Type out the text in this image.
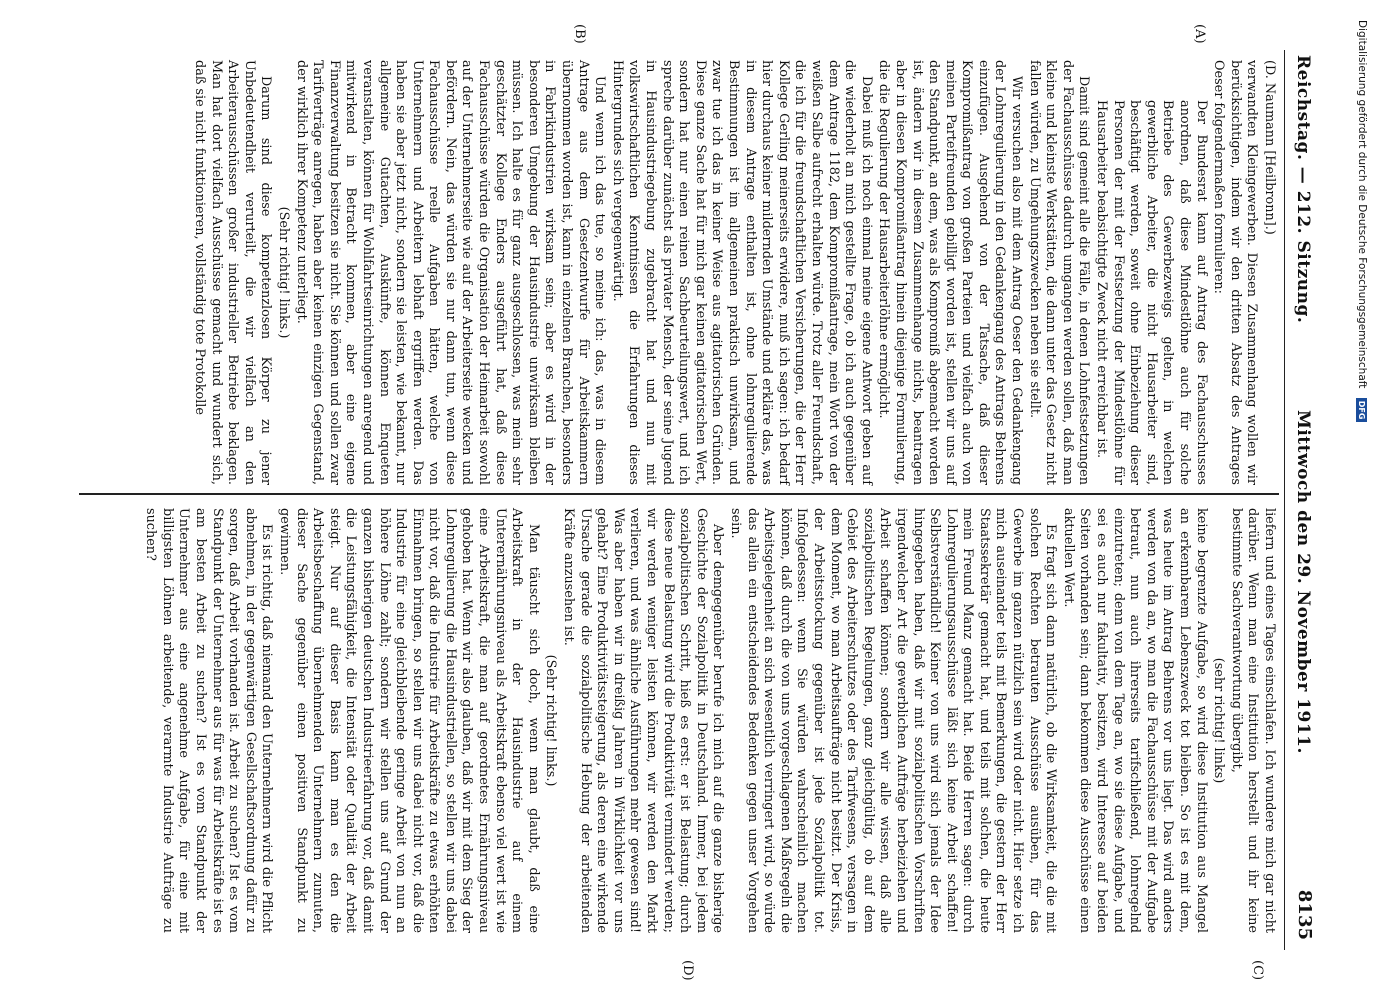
Reichstag. — 212. Sitzung.
Mittwoch den 29. November 1911.
8135
(A)
(B)

(D. Naumann [Heilbronn].)

verwandten Kleingewerben. Diesen Zusammenhang wollen wir berücksichtigen, indem wir den dritten Absatz des Antrages Oeser folgendermaßen formulieren:

Der Bundesrat kann auf Antrag des Fachausschusses anordnen, daß diese Mindestlöhne auch für solche Betriebe des Gewerbezweigs gelten, in welchen gewerbliche Arbeiter, die nicht Hausarbeiter sind, beschäftigt werden, soweit ohne Einbeziehung dieser Personen der mit der Festsetzung der Mindestlöhne für Hausarbeiter beabsichtigte Zweck nicht erreichbar ist.

Damit sind gemeint alle die Fälle, in denen Lohnfestsetzungen der Fachausschüsse dadurch umgangen werden sollen, daß man kleine und kleinste Werkstätten, die dann unter das Gesetz nicht fallen würden, zu Umgehungszwecken neben sie stellt.

Wir versuchen also mit dem Antrag Oeser den Gedankengang der Lohnregulierung in den Gedankengang des Antrags Behrens einzufügen. Ausgehend von der Tatsache, daß dieser Kompromißantrag von großen Parteien und vielfach auch von meinen Parteifreunden gebilligt worden ist, stellen wir uns auf den Standpunkt, an dem, was als Kompromiß abgemacht worden ist, ändern wir in diesem Zusammenhange nichts, beantragen aber in diesen Kompromißantrag hinein diejenige Formulierung, die die Regulierung der Hausarbeiterlöhne ermöglicht.

Dabei muß ich noch einmal meine eigene Antwort geben auf die wiederholt an mich gestellte Frage, ob ich auch gegenüber dem Antrage 1182, dem Kompromißantrage, mein Wort von der weißen Salbe aufrecht erhalten würde. Trotz aller Freundschaft, die ich für die freundschaftlichen Versicherungen, die der Herr Kollege Gerling meinerseits erwidere, muß ich sagen: ich bedarf hier durchaus keiner mildernden Umstände und erkläre das, was in diesem Antrage enthalten ist, ohne lohnregulierende Bestimmungen ist im allgemeinen praktisch unwirksam, und zwar tue ich das in keiner Weise aus agitatorischen Gründen. Diese ganze Sache hat für mich gar keinen agitatorischen Wert, sondern hat nur einen reinen Sachbeurteilungswert, und ich spreche darüber zunächst als privater Mensch, der seine Jugend in Hausindustriegebung zugebracht hat und nun mit volkswirtschaftlichen Kenntnissen die Erfahrungen dieses Hintergrundes sich vergegenwärtigt.

Und wenn ich das tue, so meine ich: das, was in diesem Antrage aus dem Gesetzentwurfe für Arbeitskammern übernommen worden ist, kann in einzelnen Branchen, besonders in Fabrikindustrien wirksam sein; aber es wird in der besonderen Umgebung der Hausindustrie unwirksam bleiben müssen. Ich halte es für ganz ausgeschlossen, was mein sehr geschätzter Kollege Enders ausgeführt hat, daß diese Fachausschüsse würden die Organisation der Heimarbeit sowohl auf der Unternehmerseite wie auf der Arbeiterseite wecken und befördern. Nein, das würden sie nur dann tun, wenn diese Fachausschüsse reelle Aufgaben hätten, welche von Unternehmern und Arbeitern lebhaft ergriffen werden. Das haben sie aber jetzt nicht, sondern sie leisten, wie bekannt, nur allgemeine Gutachten, Auskünfte, können Enqueten veranstalten, können für Wohlfahrtseinrichtungen anregend und mitwirkend in Betracht kommen, aber eine eigene Finanzverwaltung besitzen sie nicht. Sie können und sollen zwar Tarifverträge anregen, haben aber keinen einzigen Gegenstand, der wirklich ihrer Kompetenz unterliegt.

(Sehr richtig! links.)

Darum sind diese kompetenzlosen Körper zu jener Unbedeutendheit verurteilt, die wir vielfach an den Arbeiterausschüssen großer industrieller Betriebe beklagen. Man hat dort vielfach Ausschüsse gemacht und wundert sich, daß sie nicht funktionieren, vollständig tote Protokolle

liefern und eines Tages einschlafen. Ich wundere mich gar nicht darüber. Wenn man eine Institution herstellt und ihr keine bestimmte Sachverantwortung übergibt,

(sehr richtig! links)

keine begrenzte Aufgabe, so wird diese Institution aus Mangel an erkennbarem Lebenszweck tot bleiben. So ist es mit dem, was heute im Antrag Behrens vor uns liegt. Das wird anders werden von da an, wo man die Fachausschüsse mit der Aufgabe betraut, nun auch ihrerseits tarifschließend, lohnregelnd einzutreten; denn von dem Tage an, wo sie diese Aufgabe, und sei es auch nur fakultativ, besitzen, wird Interesse auf beiden Seiten vorhanden sein; dann bekommen diese Ausschüsse einen aktuellen Wert.

Es fragt sich dann natürlich, ob die Wirksamkeit, die die mit solchen Rechten betrauten Ausschüsse ausüben, für das Gewerbe im ganzen nützlich sein wird oder nicht. Hier setze ich mich auseinander teils mit Bemerkungen, die gestern der Herr Staatssekretär gemacht hat, und teils mit solchen, die heute mein Freund Manz gemacht hat. Beide Herren sagen: durch Lohnregulierungsausschüsse läßt sich keine Arbeit schaffen! Selbstverständlich! Keiner von uns wird sich jemals der Idee hingegeben haben, daß wir mit sozialpolitischen Vorschriften irgendwelcher Art die gewerblichen Aufträge herbeiziehen und Arbeit schaffen können; sondern wir alle wissen, daß alle sozialpolitischen Regelungen, ganz gleichgültig, ob auf dem Gebiet des Arbeiterschutzes oder des Tarifwesens, versagen in dem Moment, wo man Arbeitsaufträge nicht besitzt. Der Krisis, der Arbeitsstockung gegenüber ist jede Sozialpolitik tot. Infolgedessen: wenn Sie würden wahrscheinlich machen können, daß durch die von uns vorgeschlagenen Maßregeln die Arbeitsgelegenheit an sich wesentlich verringert wird, so würde das allein ein entscheidendes Bedenken gegen unser Vorgehen sein.

Aber demgegenüber berufe ich mich auf die ganze bisherige Geschichte der Sozialpolitik in Deutschland. Immer, bei jedem sozialpolitischen Schritt, hieß es erst: er ist Belastung; durch diese neue Belastung wird die Produktivität vermindert werden; wir werden weniger leisten können, wir werden den Markt verlieren, und was ähnliche Ausführungen mehr gewesen sind! Was aber haben wir in dreißig Jahren in Wirklichkeit vor uns gehabt? Eine Produktivitätssteigerung, als deren eine wirkende Ursache gerade die sozialpolitische Hebung der arbeitenden Kräfte anzusehen ist.

(Sehr richtig! links.)

Man täuscht sich doch, wenn man glaubt, daß eine Arbeitskraft in der Hausindustrie auf einem Unterernährungsniveau als Arbeitskraft ebenso viel wert ist wie eine Arbeitskraft, die man auf geordnetes Ernährungsniveau gehoben hat. Wenn wir also glauben, daß wir mit dem Sieg der Lohnregulierung die Hausindustriellen, so stellen wir uns dabei nicht vor, daß die Industrie für Arbeitskräfte zu etwas erhöhten Einnahmen bringen, so stellen wir uns dabei nicht vor, daß die Industrie für eine gleichbleibende geringe Arbeit von nun an höhere Löhne zahlt; sondern wir stellen uns auf Grund der ganzen bisherigen deutschen Industrieerfahrung vor, daß damit die Leistungsfähigkeit, die Intensität oder Qualität der Arbeit steigt. Nur auf dieser Basis kann man es den die Arbeitsbeschaffung übernehmenden Unternehmern zumuten, dieser Sache gegenüber einen positiven Standpunkt zu gewinnen.

Es ist richtig, daß niemand den Unternehmern wird die Pflicht abnehmen, in der gegenwärtigen Gesellschaftsordnung dafür zu sorgen, daß Arbeit vorhanden ist. Arbeit zu suchen? Ist es vom Standpunkt der Unternehmer aus für was für Arbeitskräfte ist es am besten Arbeit zu suchen? Ist es vom Standpunkt der Unternehmer aus eine angenehme Aufgabe, für eine mit billigsten Löhnen arbeitende, verarmte Industrie Aufträge zu suchen?

(C)
(D)
Digitalisierung gefördert durch die Deutsche Forschungsgemeinschaft DFG
